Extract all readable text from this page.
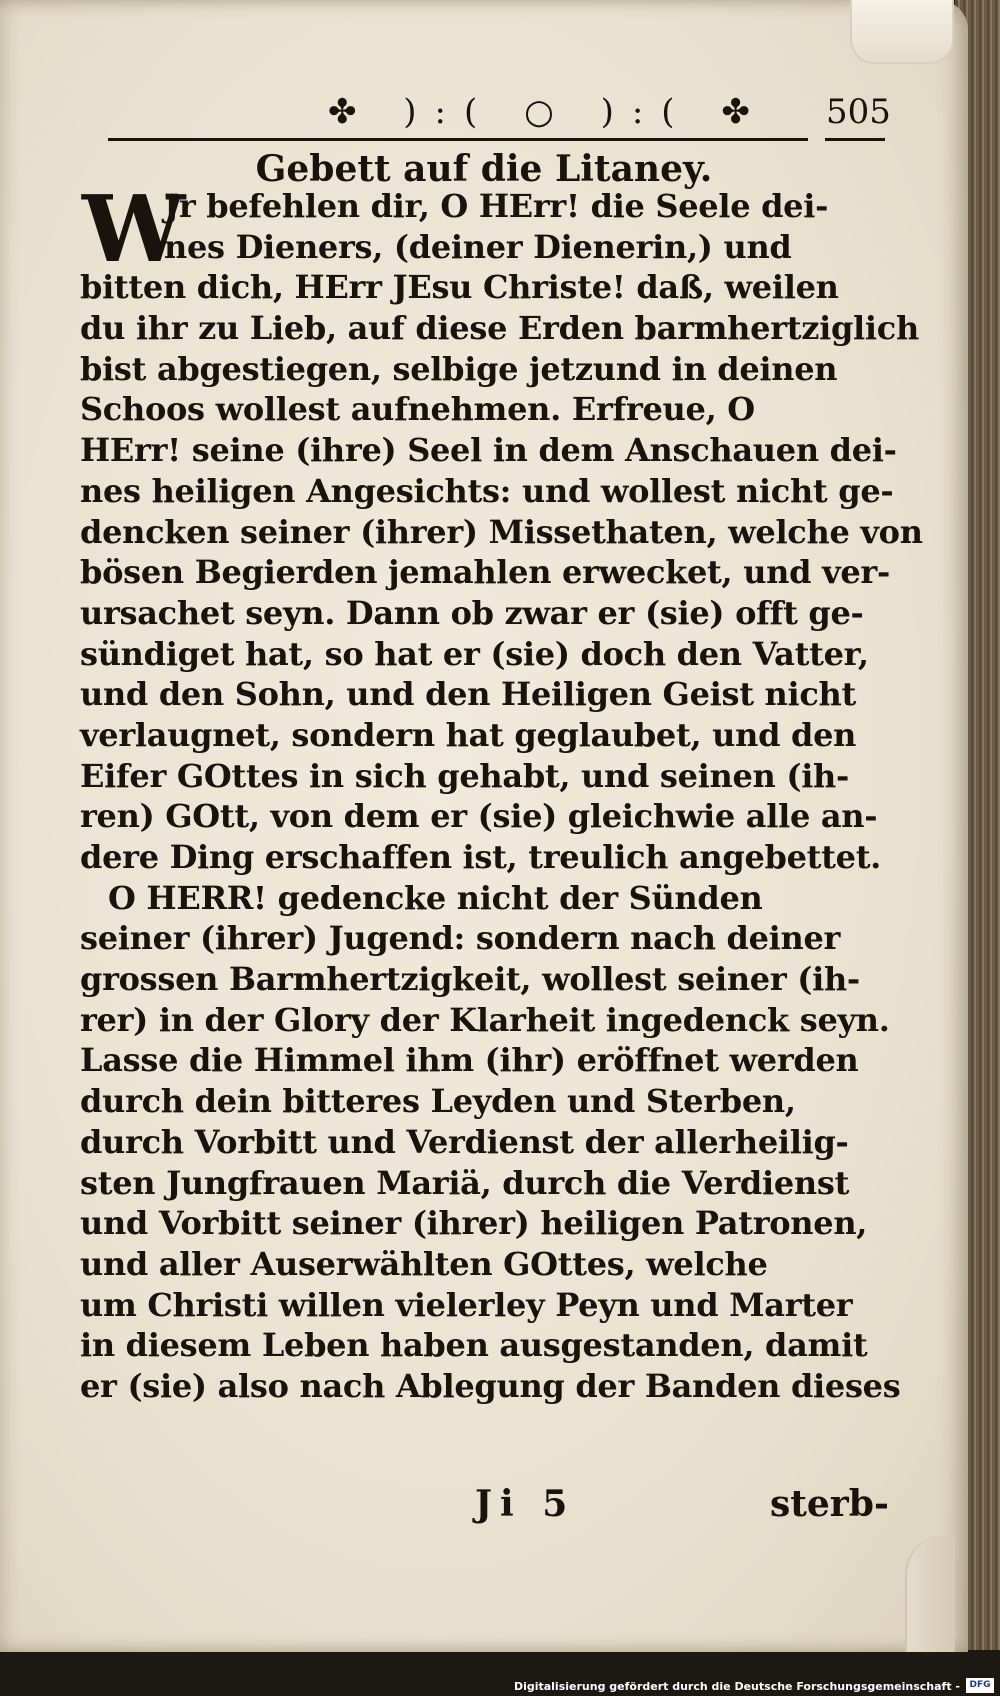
✤ ):( ○ ):( ✤ 505
Gebett auf die Litaney.
W
Jr befehlen dir, O HErr! die Seele dei-
nes Dieners, (deiner Dienerin,) und
bitten dich, HErr JEsu Christe! daß, weilen
du ihr zu Lieb, auf diese Erden barmhertziglich
bist abgestiegen, selbige jetzund in deinen
Schoos wollest aufnehmen. Erfreue, O
HErr! seine (ihre) Seel in dem Anschauen dei-
nes heiligen Angesichts: und wollest nicht ge-
dencken seiner (ihrer) Missethaten, welche von
bösen Begierden jemahlen erwecket, und ver-
ursachet seyn. Dann ob zwar er (sie) offt ge-
sündiget hat, so hat er (sie) doch den Vatter,
und den Sohn, und den Heiligen Geist nicht
verlaugnet, sondern hat geglaubet, und den
Eifer GOttes in sich gehabt, und seinen (ih-
ren) GOtt, von dem er (sie) gleichwie alle an-
dere Ding erschaffen ist, treulich angebettet.
O HERR! gedencke nicht der Sünden
seiner (ihrer) Jugend: sondern nach deiner
grossen Barmhertzigkeit, wollest seiner (ih-
rer) in der Glory der Klarheit ingedenck seyn.
Lasse die Himmel ihm (ihr) eröffnet werden
durch dein bitteres Leyden und Sterben,
durch Vorbitt und Verdienst der allerheilig-
sten Jungfrauen Mariä, durch die Verdienst
und Vorbitt seiner (ihrer) heiligen Patronen,
und aller Auserwählten GOttes, welche
um Christi willen vielerley Peyn und Marter
in diesem Leben haben ausgestanden, damit
er (sie) also nach Ablegung der Banden dieses
Ji 5	sterb-
Digitalisierung gefördert durch die Deutsche Forschungsgemeinschaft -	DFG
